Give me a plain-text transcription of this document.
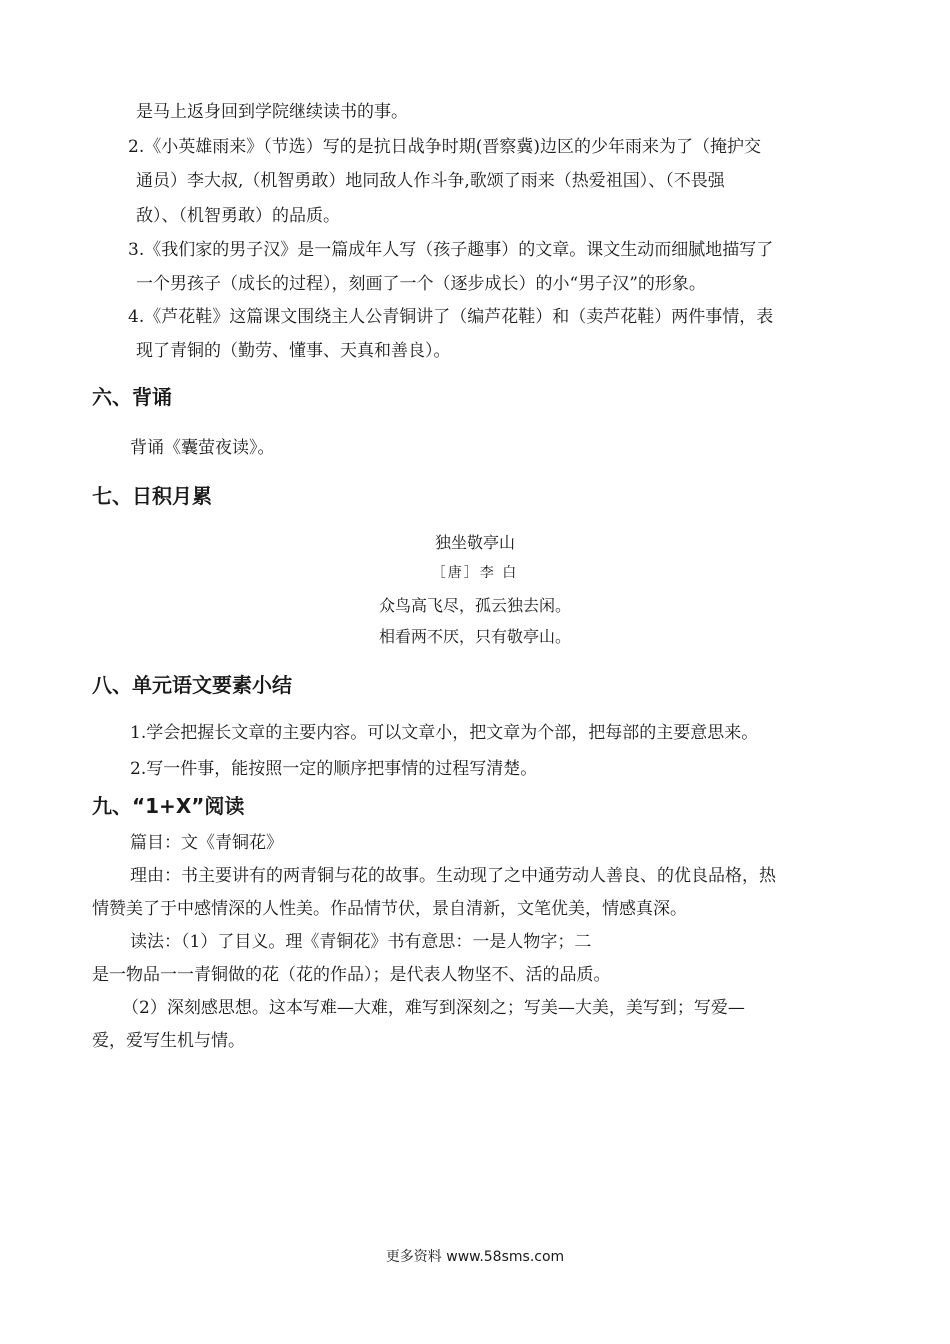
是马上返身回到学院继续读书的事。
2.《小英雄雨来》（节选）写的是抗日战争时期(晋察冀)边区的少年雨来为了（掩护交
通员）李大叔,（机智勇敢）地同敌人作斗争,歌颂了雨来（热爱祖国）、（不畏强
敌）、（机智勇敢）的品质。
3.《我们家的男子汉》是一篇成年人写（孩子趣事）的文章。课文生动而细腻地描写了
一个男孩子（成长的过程），刻画了一个（逐步成长）的小“男子汉”的形象。
4.《芦花鞋》这篇课文围绕主人公青铜讲了（编芦花鞋）和（卖芦花鞋）两件事情，表
现了青铜的（勤劳、懂事、天真和善良）。
六、背诵
背诵《囊萤夜读》。
七、日积月累
独坐敬亭山
［唐］李 白
众鸟高飞尽，孤云独去闲。
相看两不厌，只有敬亭山。
八、单元语文要素小结
1.学会把握长文章的主要内容。可以文章小，把文章为个部，把每部的主要意思来。
2.写一件事，能按照一定的顺序把事情的过程写清楚。
九、“1+X”阅读
篇目：文《青铜花》
理由：书主要讲有的两青铜与花的故事。生动现了之中通劳动人善良、的优良品格，热
情赞美了于中感情深的人性美。作品情节伏，景自清新，文笔优美，情感真深。
读法：（1）了目义。理《青铜花》书有意思：一是人物字；二
是一物品一一青铜做的花（花的作品）；是代表人物坚不、活的品质。
（2）深刻感思想。这本写难—大难，难写到深刻之；写美—大美，美写到；写爱—
爱，爱写生机与情。
更多资料 www.58sms.com
